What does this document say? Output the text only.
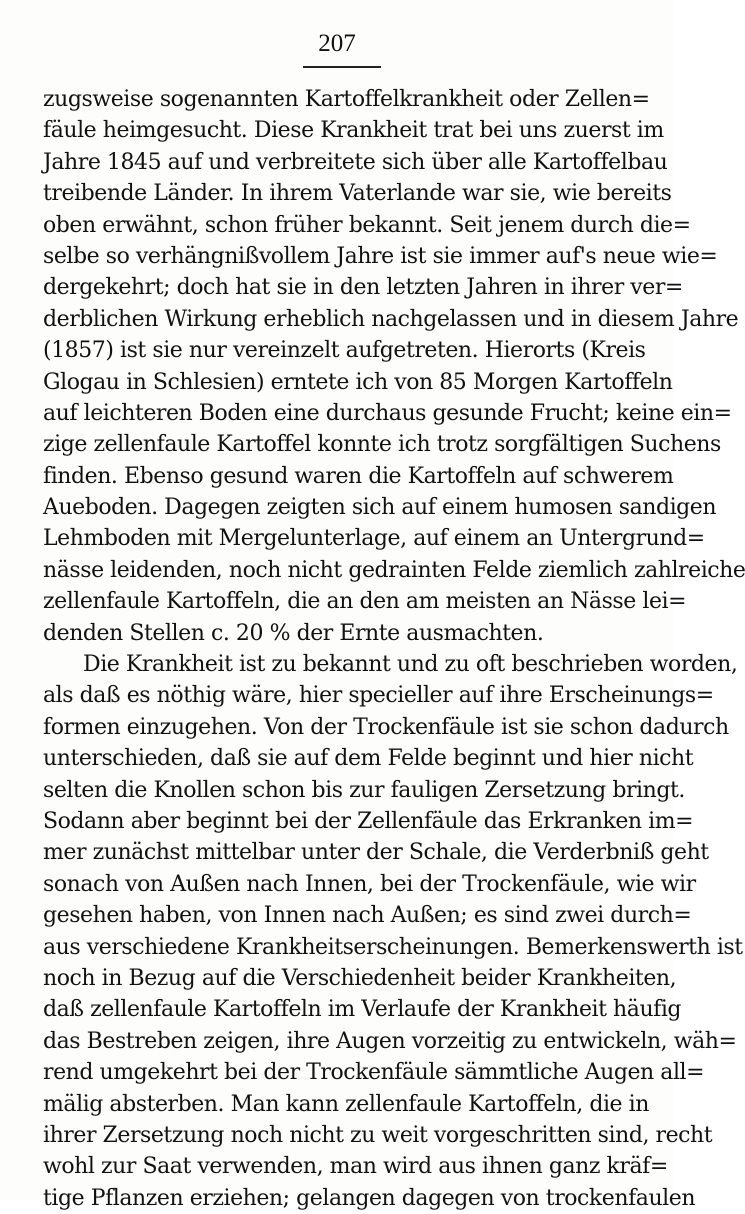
207
zugsweise sogenannten Kartoffelkrankheit oder Zellen=
fäule heimgesucht. Diese Krankheit trat bei uns zuerst im
Jahre 1845 auf und verbreitete sich über alle Kartoffelbau
treibende Länder. In ihrem Vaterlande war sie, wie bereits
oben erwähnt, schon früher bekannt. Seit jenem durch die=
selbe so verhängnißvollem Jahre ist sie immer auf's neue wie=
dergekehrt; doch hat sie in den letzten Jahren in ihrer ver=
derblichen Wirkung erheblich nachgelassen und in diesem Jahre
(1857) ist sie nur vereinzelt aufgetreten. Hierorts (Kreis
Glogau in Schlesien) erntete ich von 85 Morgen Kartoffeln
auf leichteren Boden eine durchaus gesunde Frucht; keine ein=
zige zellenfaule Kartoffel konnte ich trotz sorgfältigen Suchens
finden. Ebenso gesund waren die Kartoffeln auf schwerem
Aueboden. Dagegen zeigten sich auf einem humosen sandigen
Lehmboden mit Mergelunterlage, auf einem an Untergrund=
nässe leidenden, noch nicht gedrainten Felde ziemlich zahlreiche
zellenfaule Kartoffeln, die an den am meisten an Nässe lei=
denden Stellen c. 20 % der Ernte ausmachten.
Die Krankheit ist zu bekannt und zu oft beschrieben worden,
als daß es nöthig wäre, hier specieller auf ihre Erscheinungs=
formen einzugehen. Von der Trockenfäule ist sie schon dadurch
unterschieden, daß sie auf dem Felde beginnt und hier nicht
selten die Knollen schon bis zur fauligen Zersetzung bringt.
Sodann aber beginnt bei der Zellenfäule das Erkranken im=
mer zunächst mittelbar unter der Schale, die Verderbniß geht
sonach von Außen nach Innen, bei der Trockenfäule, wie wir
gesehen haben, von Innen nach Außen; es sind zwei durch=
aus verschiedene Krankheitserscheinungen. Bemerkenswerth ist
noch in Bezug auf die Verschiedenheit beider Krankheiten,
daß zellenfaule Kartoffeln im Verlaufe der Krankheit häufig
das Bestreben zeigen, ihre Augen vorzeitig zu entwickeln, wäh=
rend umgekehrt bei der Trockenfäule sämmtliche Augen all=
mälig absterben. Man kann zellenfaule Kartoffeln, die in
ihrer Zersetzung noch nicht zu weit vorgeschritten sind, recht
wohl zur Saat verwenden, man wird aus ihnen ganz kräf=
tige Pflanzen erziehen; gelangen dagegen von trockenfaulen
